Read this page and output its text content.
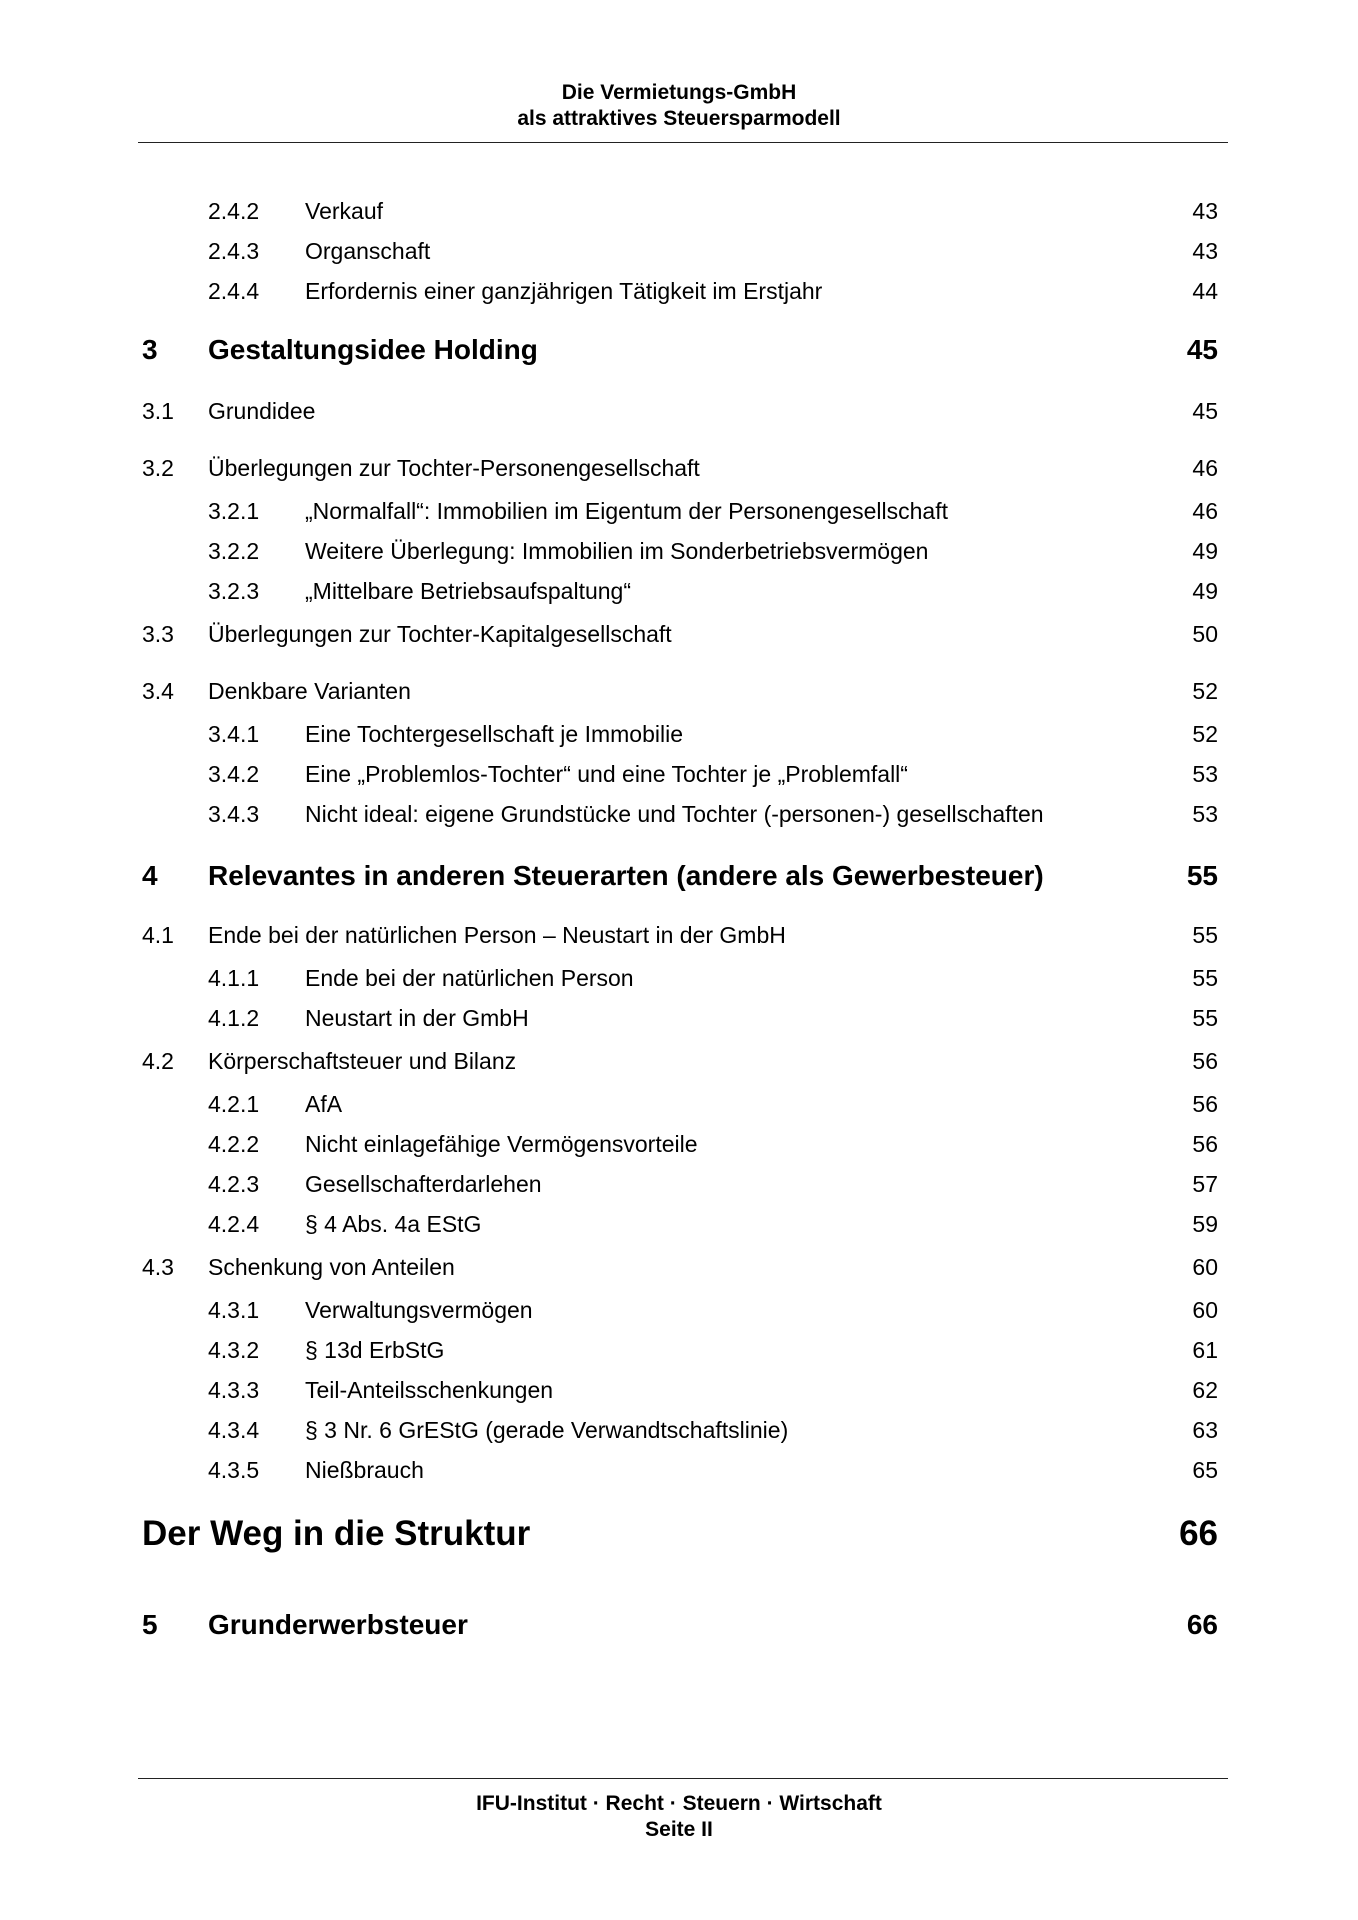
Die Vermietungs-GmbH
als attraktives Steuersparmodell
2.4.2 Verkauf	43
2.4.3 Organschaft	43
2.4.4 Erfordernis einer ganzjährigen Tätigkeit im Erstjahr	44
3 Gestaltungsidee Holding	45
3.1 Grundidee	45
3.2 Überlegungen zur Tochter-Personengesellschaft	46
3.2.1 „Normalfall“: Immobilien im Eigentum der Personengesellschaft	46
3.2.2 Weitere Überlegung: Immobilien im Sonderbetriebsvermögen	49
3.2.3 „Mittelbare Betriebsaufspaltung“	49
3.3 Überlegungen zur Tochter-Kapitalgesellschaft	50
3.4 Denkbare Varianten	52
3.4.1 Eine Tochtergesellschaft je Immobilie	52
3.4.2 Eine „Problemlos-Tochter“ und eine Tochter je „Problemfall“	53
3.4.3 Nicht ideal: eigene Grundstücke und Tochter (-personen-) gesellschaften	53
4 Relevantes in anderen Steuerarten (andere als Gewerbesteuer)	55
4.1 Ende bei der natürlichen Person – Neustart in der GmbH	55
4.1.1 Ende bei der natürlichen Person	55
4.1.2 Neustart in der GmbH	55
4.2 Körperschaftsteuer und Bilanz	56
4.2.1 AfA	56
4.2.2 Nicht einlagefähige Vermögensvorteile	56
4.2.3 Gesellschafterdarlehen	57
4.2.4 § 4 Abs. 4a EStG	59
4.3 Schenkung von Anteilen	60
4.3.1 Verwaltungsvermögen	60
4.3.2 § 13d ErbStG	61
4.3.3 Teil-Anteilsschenkungen	62
4.3.4 § 3 Nr. 6 GrEStG (gerade Verwandtschaftslinie)	63
4.3.5 Nießbrauch	65
Der Weg in die Struktur	66
5 Grunderwerbsteuer	66
IFU-Institut · Recht · Steuern · Wirtschaft
Seite II
